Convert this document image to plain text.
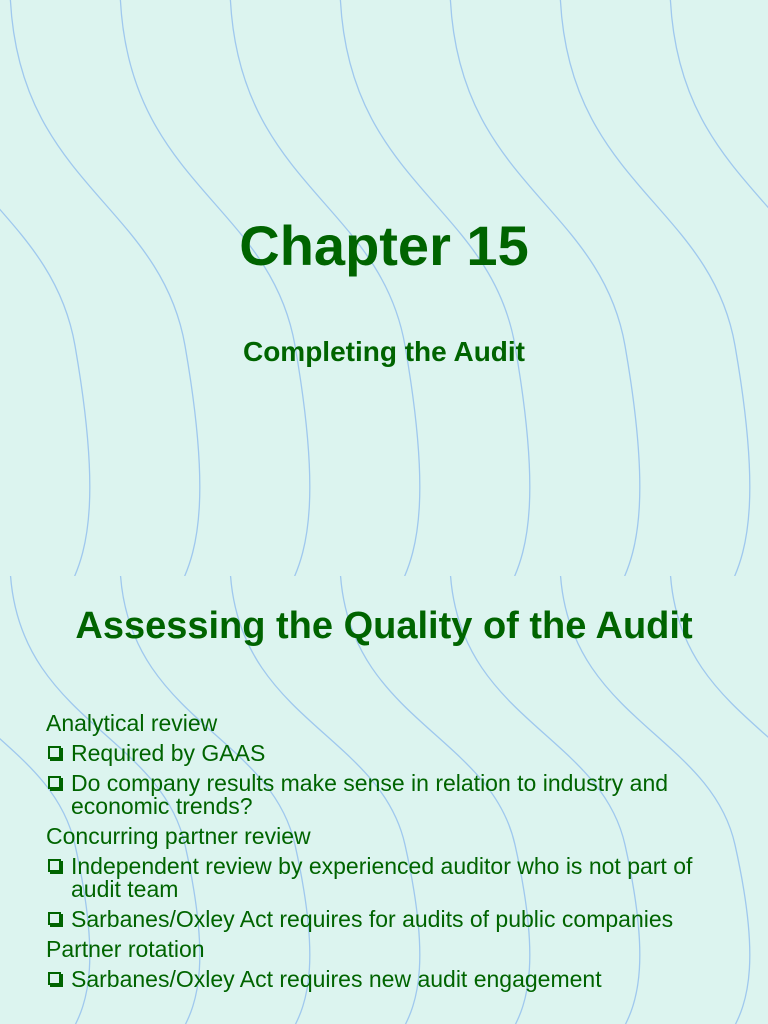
Chapter 15
Completing the Audit
Assessing the Quality of the Audit
Analytical review
Required by GAAS
Do company results make sense in relation to industry and economic trends?
Concurring partner review
Independent review by experienced auditor who is not part of audit team
Sarbanes/Oxley Act requires for audits of public companies
Partner rotation
Sarbanes/Oxley Act requires new audit engagement
